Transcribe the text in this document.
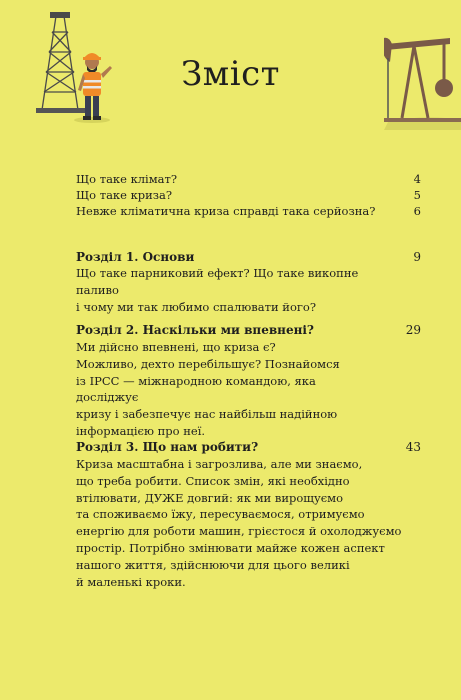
Зміст
Що таке клімат?	4
Що таке криза?	5
Невже кліматична криза справді така серйозна?	6
Розділ 1. Основи	9
Що таке парниковий ефект? Що таке викопне паливо
і чому ми так любимо спалювати його?
Розділ 2. Наскільки ми впевнені?	29
Ми дійсно впевнені, що криза є?
Можливо, дехто перебільшує? Познайомся
із IPCC — міжнародною командою, яка досліджує
кризу і забезпечує нас найбільш надійною
інформацією про неї.
Розділ 3. Що нам робити?	43
Криза масштабна і загрозлива, але ми знаємо,
що треба робити. Список змін, які необхідно
втілювати, ДУЖЕ довгий: як ми вирощуємо
та споживаємо їжу, пересуваємося, отримуємо
енергію для роботи машин, грієстося й охолоджуємо
простір. Потрібно змінювати майже кожен аспект
нашого життя, здійснюючи для цього великі
й маленькі кроки.
